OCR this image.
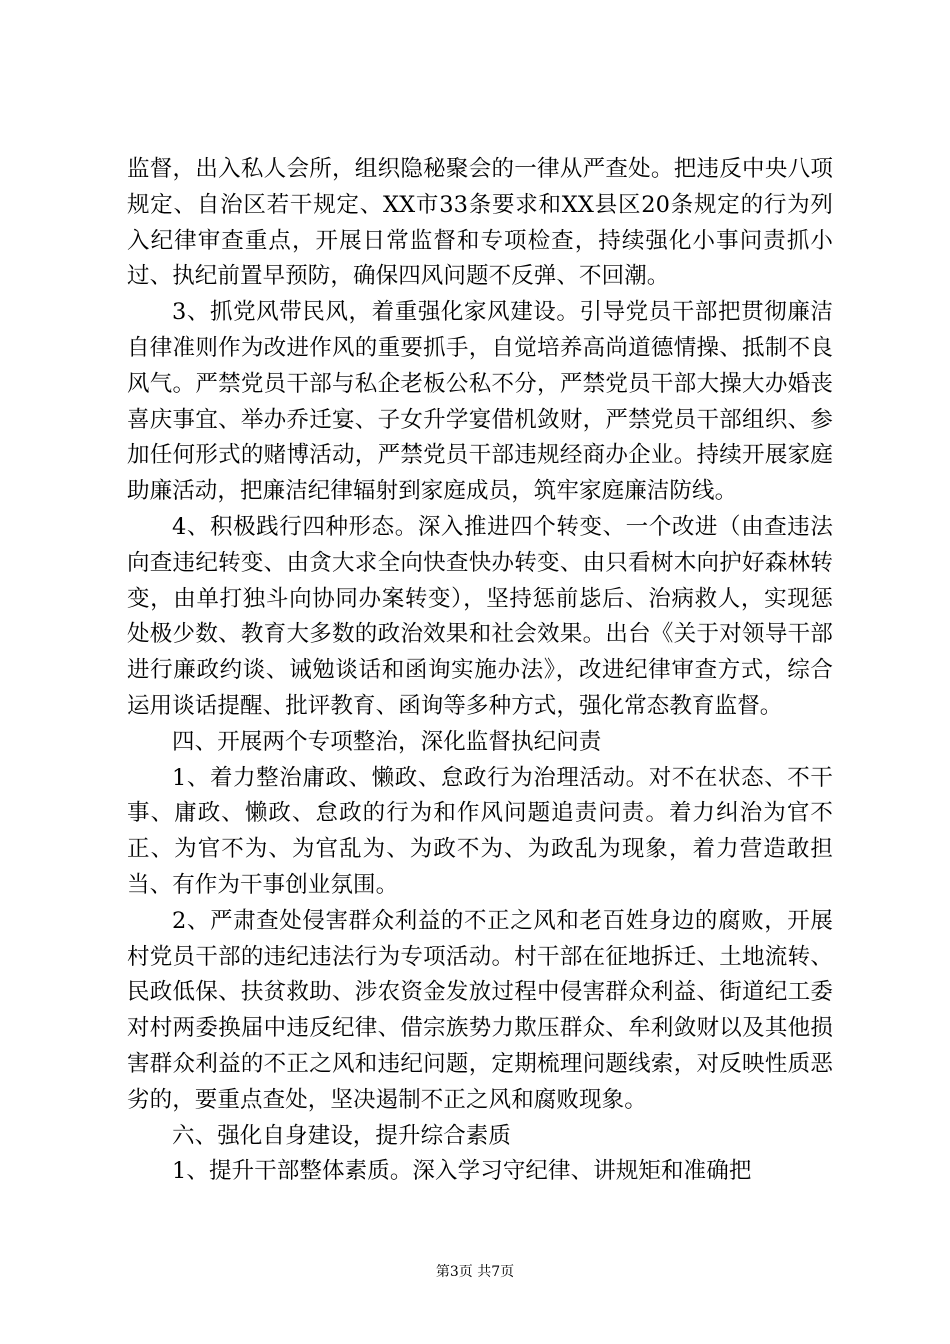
监督，出入私人会所，组织隐秘聚会的一律从严查处。把违反中央八项规定、自治区若干规定、XX市33条要求和XX县区20条规定的行为列入纪律审查重点，开展日常监督和专项检查，持续强化小事问责抓小过、执纪前置早预防，确保四风问题不反弹、不回潮。

3、抓党风带民风，着重强化家风建设。引导党员干部把贯彻廉洁自律准则作为改进作风的重要抓手，自觉培养高尚道德情操、抵制不良风气。严禁党员干部与私企老板公私不分，严禁党员干部大操大办婚丧喜庆事宜、举办乔迁宴、子女升学宴借机敛财，严禁党员干部组织、参加任何形式的赌博活动，严禁党员干部违规经商办企业。持续开展家庭助廉活动，把廉洁纪律辐射到家庭成员，筑牢家庭廉洁防线。

4、积极践行四种形态。深入推进四个转变、一个改进（由查违法向查违纪转变、由贪大求全向快查快办转变、由只看树木向护好森林转变，由单打独斗向协同办案转变），坚持惩前毖后、治病救人，实现惩处极少数、教育大多数的政治效果和社会效果。出台《关于对领导干部进行廉政约谈、诫勉谈话和函询实施办法》，改进纪律审查方式，综合运用谈话提醒、批评教育、函询等多种方式，强化常态教育监督。

四、开展两个专项整治，深化监督执纪问责

1、着力整治庸政、懒政、怠政行为治理活动。对不在状态、不干事、庸政、懒政、怠政的行为和作风问题追责问责。着力纠治为官不正、为官不为、为官乱为、为政不为、为政乱为现象，着力营造敢担当、有作为干事创业氛围。

2、严肃查处侵害群众利益的不正之风和老百姓身边的腐败，开展村党员干部的违纪违法行为专项活动。村干部在征地拆迁、土地流转、民政低保、扶贫救助、涉农资金发放过程中侵害群众利益、街道纪工委对村两委换届中违反纪律、借宗族势力欺压群众、牟利敛财以及其他损害群众利益的不正之风和违纪问题，定期梳理问题线索，对反映性质恶劣的，要重点查处，坚决遏制不正之风和腐败现象。

六、强化自身建设，提升综合素质

1、提升干部整体素质。深入学习守纪律、讲规矩和准确把

第3页 共7页
